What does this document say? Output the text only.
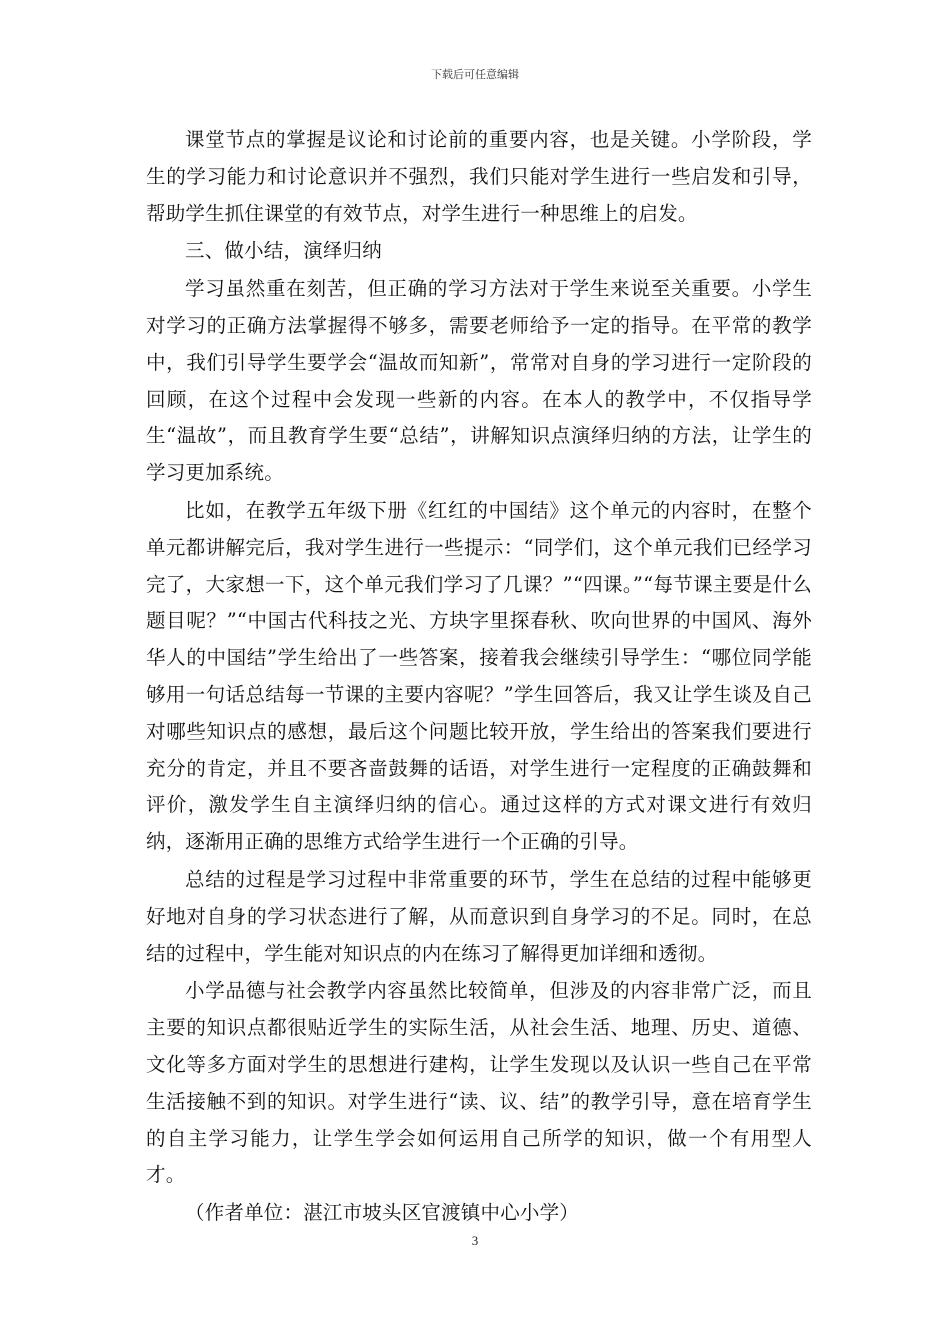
下载后可任意编辑

课堂节点的掌握是议论和讨论前的重要内容，也是关键。小学阶段，学生的学习能力和讨论意识并不强烈，我们只能对学生进行一些启发和引导，帮助学生抓住课堂的有效节点，对学生进行一种思维上的启发。

三、做小结，演绎归纳

学习虽然重在刻苦，但正确的学习方法对于学生来说至关重要。小学生对学习的正确方法掌握得不够多，需要老师给予一定的指导。在平常的教学中，我们引导学生要学会“温故而知新”，常常对自身的学习进行一定阶段的回顾，在这个过程中会发现一些新的内容。在本人的教学中，不仅指导学生“温故”，而且教育学生要“总结”，讲解知识点演绎归纳的方法，让学生的学习更加系统。

比如，在教学五年级下册《红红的中国结》这个单元的内容时，在整个单元都讲解完后，我对学生进行一些提示：“同学们，这个单元我们已经学习完了，大家想一下，这个单元我们学习了几课？”“四课。”“每节课主要是什么题目呢？”“中国古代科技之光、方块字里探春秋、吹向世界的中国风、海外华人的中国结”学生给出了一些答案，接着我会继续引导学生：“哪位同学能够用一句话总结每一节课的主要内容呢？”学生回答后，我又让学生谈及自己对哪些知识点的感想，最后这个问题比较开放，学生给出的答案我们要进行充分的肯定，并且不要吝啬鼓舞的话语，对学生进行一定程度的正确鼓舞和评价，激发学生自主演绎归纳的信心。通过这样的方式对课文进行有效归纳，逐渐用正确的思维方式给学生进行一个正确的引导。

总结的过程是学习过程中非常重要的环节，学生在总结的过程中能够更好地对自身的学习状态进行了解，从而意识到自身学习的不足。同时，在总结的过程中，学生能对知识点的内在练习了解得更加详细和透彻。

小学品德与社会教学内容虽然比较简单，但涉及的内容非常广泛，而且主要的知识点都很贴近学生的实际生活，从社会生活、地理、历史、道德、文化等多方面对学生的思想进行建构，让学生发现以及认识一些自己在平常生活接触不到的知识。对学生进行“读、议、结”的教学引导，意在培育学生的自主学习能力，让学生学会如何运用自己所学的知识，做一个有用型人才。

（作者单位：湛江市坡头区官渡镇中心小学）

3
